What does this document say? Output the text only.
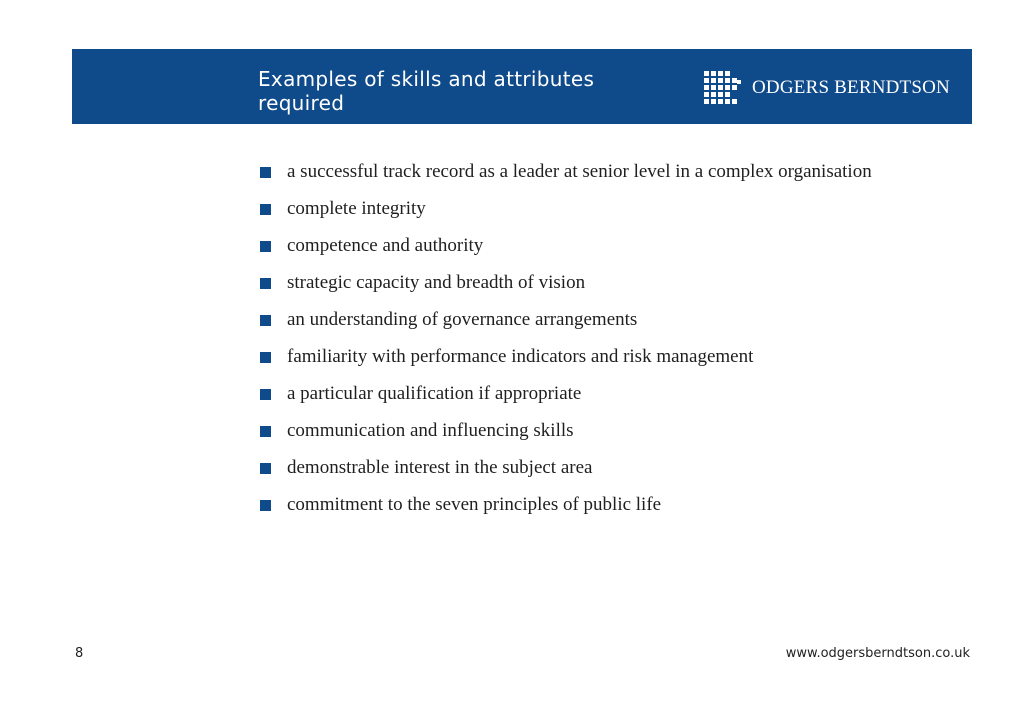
Examples of skills and attributes required
ODGERS BERNDTSON
a successful track record as a leader at senior level in a complex organisation
complete integrity
competence and authority
strategic capacity and breadth of vision
an understanding of governance arrangements
familiarity with performance indicators and risk management
a particular qualification if appropriate
communication and influencing skills
demonstrable interest in the subject area
commitment to the seven principles of public life
8	www.odgersberndtson.co.uk
